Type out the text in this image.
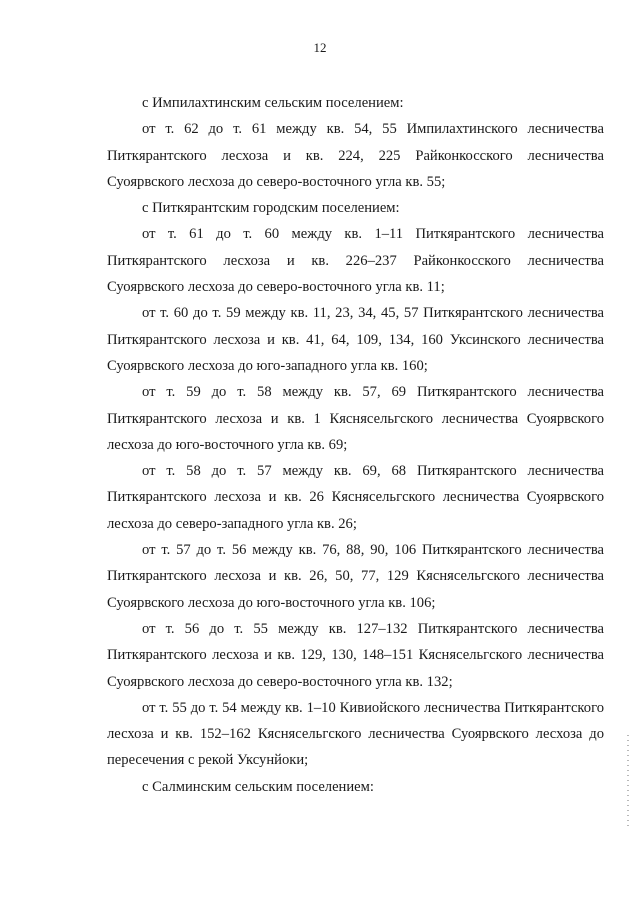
12

с Импилахтинским сельским поселением:

от т. 62 до т. 61 между кв. 54, 55 Импилахтинского лесничества Питкярантского лесхоза и кв. 224, 225 Райконкосского лесничества Суоярвского лесхоза до северо-восточного угла кв. 55;

с Питкярантским городским поселением:

от т. 61 до т. 60 между кв. 1–11 Питкярантского лесничества Питкярантского лесхоза и кв. 226–237 Райконкосского лесничества Суоярвского лесхоза до северо-восточного угла кв. 11;

от т. 60 до т. 59 между кв. 11, 23, 34, 45, 57 Питкярантского лесничества Питкярантского лесхоза и кв. 41, 64, 109, 134, 160 Уксинского лесничества Суоярвского лесхоза до юго-западного угла кв. 160;

от т. 59 до т. 58 между кв. 57, 69 Питкярантского лесничества Питкярантского лесхоза и кв. 1 Кяснясельгского лесничества Суоярвского лесхоза до юго-восточного угла кв. 69;

от т. 58 до т. 57 между кв. 69, 68 Питкярантского лесничества Питкярантского лесхоза и кв. 26 Кяснясельгского лесничества Суоярвского лесхоза до северо-западного угла кв. 26;

от т. 57 до т. 56 между кв. 76, 88, 90, 106 Питкярантского лесничества Питкярантского лесхоза и кв. 26, 50, 77, 129 Кяснясельгского лесничества Суоярвского лесхоза до юго-восточного угла кв. 106;

от т. 56 до т. 55 между кв. 127–132 Питкярантского лесничества Питкярантского лесхоза и кв. 129, 130, 148–151 Кяснясельгского лесничества Суоярвского лесхоза до северо-восточного угла кв. 132;

от т. 55 до т. 54 между кв. 1–10 Кивиойского лесничества Питкярантского лесхоза и кв. 152–162 Кяснясельгского лесничества Суоярвского лесхоза до пересечения с рекой Уксунйоки;

с Салминским сельским поселением:
